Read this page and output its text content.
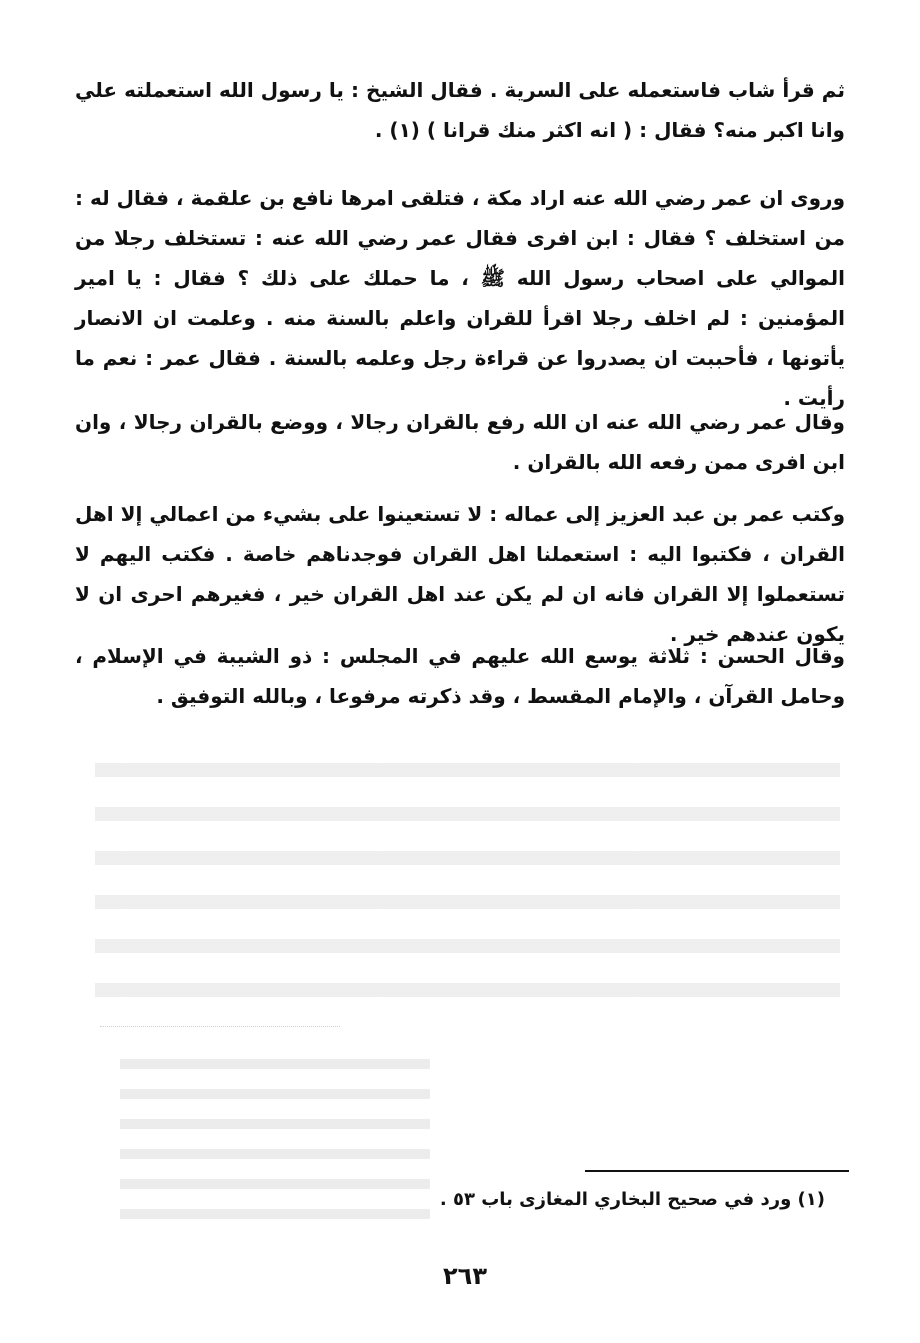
ثم قرأ شاب فاستعمله على السرية . فقال الشيخ : يا رسول الله استعملته علي وانا اكبر منه؟ فقال : ( انه اكثر منك قرانا ) (١) .

وروى ان عمر رضي الله عنه اراد مكة ، فتلقى امرها نافع بن علقمة ، فقال له : من استخلف ؟ فقال : ابن افرى فقال عمر رضي الله عنه : تستخلف رجلا من الموالي على اصحاب رسول الله ﷺ ، ما حملك على ذلك ؟ فقال : يا امير المؤمنين : لم اخلف رجلا اقرأ للقران واعلم بالسنة منه . وعلمت ان الانصار يأتونها ، فأحببت ان يصدروا عن قراءة رجل وعلمه بالسنة . فقال عمر : نعم ما رأيت .

وقال عمر رضي الله عنه ان الله رفع بالقران رجالا ، ووضع بالقران رجالا ، وان ابن افرى ممن رفعه الله بالقران .

وكتب عمر بن عبد العزيز إلى عماله : لا تستعينوا على بشيء من اعمالي إلا اهل القران ، فكتبوا اليه : استعملنا اهل القران فوجدناهم خاصة . فكتب اليهم لا تستعملوا إلا القران فانه ان لم يكن عند اهل القران خير ، فغيرهم احرى ان لا يكون عندهم خير .

وقال الحسن : ثلاثة يوسع الله عليهم في المجلس : ذو الشيبة في الإسلام ، وحامل القرآن ، والإمام المقسط ، وقد ذكرته مرفوعا ، وبالله التوفيق .

(١) ورد في صحيح البخاري المغازى باب ٥٣ .
٢٦٣
